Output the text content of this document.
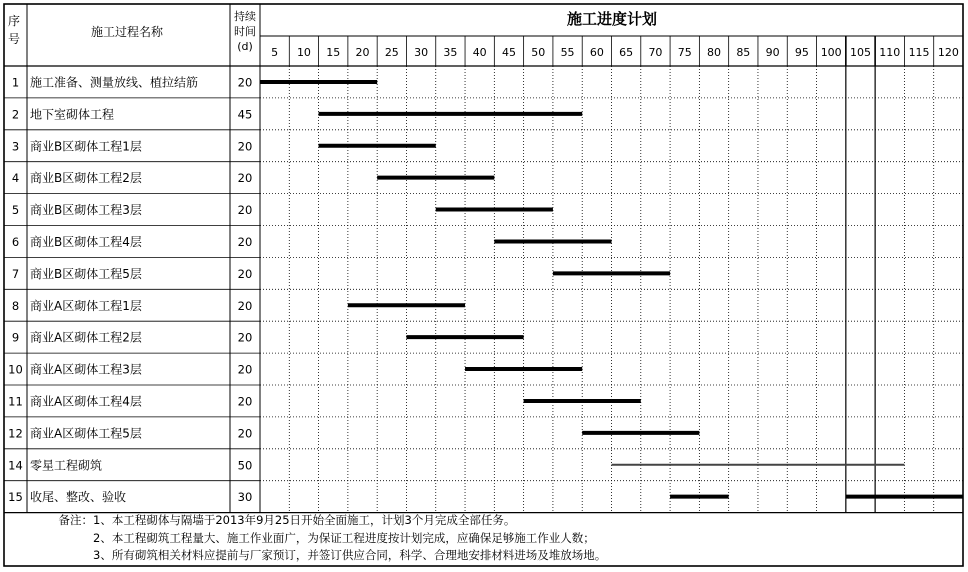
序
号	施工过程名称
持续
时间
(d)
施工进度计划
5 10 15 20 25 30 35 40 45 50 55 60 65 70 75 80 85 90 95 100 105 110 115 120
1 施工准备、测量放线、植拉结筋	20
2 地下室砌体工程	45
3 商业B区砌体工程1层	20
4 商业B区砌体工程2层	20
5 商业B区砌体工程3层	20
6 商业B区砌体工程4层	20
7 商业B区砌体工程5层	20
8 商业A区砌体工程1层	20
9 商业A区砌体工程2层	20
10 商业A区砌体工程3层	20
11 商业A区砌体工程4层	20
12 商业A区砌体工程5层	20
14 零星工程砌筑	50
15 收尾、整改、验收	30
备注：1、本工程砌体与隔墙于2013年9月25日开始全面施工，计划3个月完成全部任务。
2、本工程砌筑工程量大、施工作业面广，为保证工程进度按计划完成，应确保足够施工作业人数；
3、所有砌筑相关材料应提前与厂家预订，并签订供应合同，科学、合理地安排材料进场及堆放场地。
